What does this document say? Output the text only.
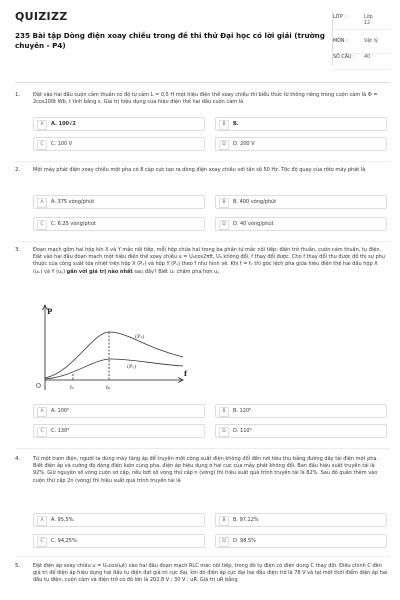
QUIZIZZ
235 Bài tập Dòng điện xoay chiều trong đề thi thử Đại học có lời giải (trường chuyên - P4)
LỚP :	Lớp 12
MÔN :	Vật lý
SỐ CÂU : 40
1.	Đặt vào hai đầu cuộn cảm thuần có độ tự cảm L = 0,5 H một hiệu điện thế xoay chiều thì biểu thức từ thông riêng trong cuộn cảm là Φ = 2cos100t Wb, t tính bằng s. Giá trị hiệu dụng của hiệu điện thế hai đầu cuộn cảm là
A	A. 100√2	B	B.
C	C. 100 V	D	D. 200 V
2.	Một máy phát điện xoay chiều một pha có 8 cặp cực tạo ra dòng điện xoay chiều với tần số 50 Hz. Tốc độ quay của rôto máy phát là
A	A. 375 vòng/phút	B	B. 400 vòng/phút
C	C. 6,25 vòng/phút	D	D. 40 vòng/phút
3.	Đoạn mạch gồm hai hộp kín X và Y mắc nối tiếp, mỗi hộp chứa hai trong ba phần tử mắc nối tiếp: điện trở thuần, cuộn cảm thuần, tụ điện. Đặt vào hai đầu đoạn mạch một hiệu điện thế xoay chiều u = U₀cos2πft, U₀ không đổi, f thay đổi được. Cho f thay đổi thu được đồ thị sự phụ thuộc của công suất tỏa nhiệt trên hộp X (Pₓ) và hộp Y (Pᵧ) theo f như hình vẽ. Khi f = f₁ thì góc lệch pha giữa hiệu điện thế hai đầu hộp X (uₓ) và Y (uᵧ) gần với giá trị nào nhất sau đây? Biết uₓ chậm pha hơn uᵧ
A	A. 100⁰	B	B. 120⁰.
C	C. 130⁰	D	D. 110⁰
P
f
O	f₁	f₀
(Pₓ)
(Pᵧ)
4.	Từ một trạm điện, người ta dùng máy tăng áp để truyền một công suất điện không đổi đến nơi tiêu thụ bằng đường dây tải điện một pha. Biết điện áp và cường độ dòng điện luôn cùng pha, điện áp hiệu dụng ở hai cực của máy phát không đổi. Ban đầu hiệu suất truyền tải là 92%. Giữ nguyên số vòng cuộn sơ cấp, nếu bớt số vòng thứ cấp n (vòng) thì hiệu suất quá trình truyền tải là 82%. Sau đó quấn thêm vào cuộn thứ cấp 2n (vòng) thì hiệu suất quá trình truyền tải là
A	A. 95,5%.	B	B. 97,12%
C	C. 94,25%.	D	D. 98,5%
5.	Đặt điện áp xoay chiều u = U₀cos(ωt) vào hai đầu đoạn mạch RLC mắc nối tiếp, trong đó tụ điện có điện dung C thay đổi. Điều chỉnh C đến giá trị để điện áp hiệu dụng hai đầu tụ điện đạt giá trị cực đại, khi đó điện áp cực đại hai đầu điện trở là 78 V và tại một thời điểm điện áp hai đầu tụ điện, cuộn cảm và điện trở có độ lớn là 202,8 V ; 30 V ; uR. Giá trị uR bằng
